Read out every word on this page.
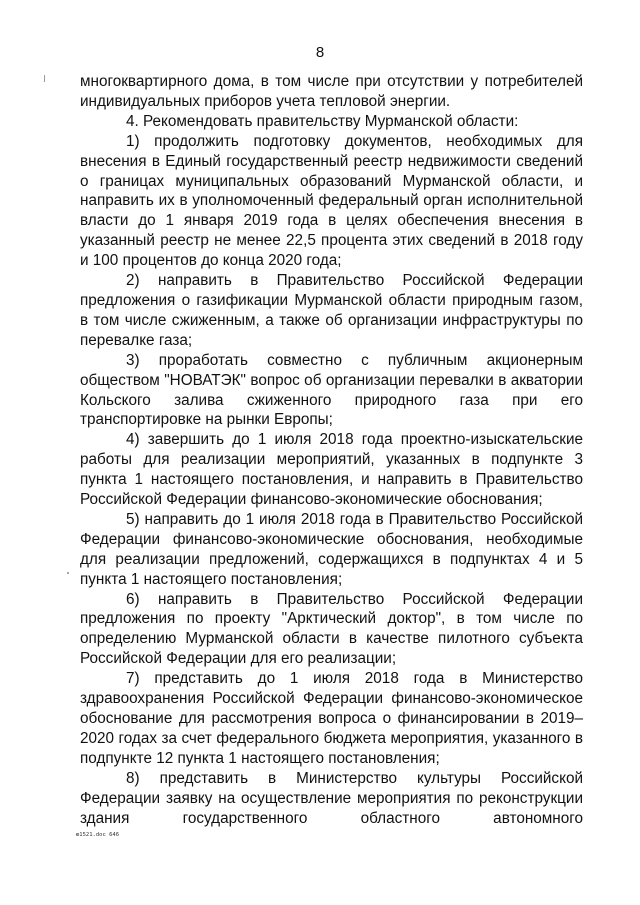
8

многоквартирного дома, в том числе при отсутствии у потребителей индивидуальных приборов учета тепловой энергии.

4. Рекомендовать правительству Мурманской области:

1) продолжить подготовку документов, необходимых для внесения в Единый государственный реестр недвижимости сведений о границах муниципальных образований Мурманской области, и направить их в уполномоченный федеральный орган исполнительной власти до 1 января 2019 года в целях обеспечения внесения в указанный реестр не менее 22,5 процента этих сведений в 2018 году и 100 процентов до конца 2020 года;

2) направить в Правительство Российской Федерации предложения о газификации Мурманской области природным газом, в том числе сжиженным, а также об организации инфраструктуры по перевалке газа;

3) проработать совместно с публичным акционерным обществом "НОВАТЭК" вопрос об организации перевалки в акватории Кольского залива сжиженного природного газа при его транспортировке на рынки Европы;

4) завершить до 1 июля 2018 года проектно-изыскательские работы для реализации мероприятий, указанных в подпункте 3 пункта 1 настоящего постановления, и направить в Правительство Российской Федерации финансово-экономические обоснования;

5) направить до 1 июля 2018 года в Правительство Российской Федерации финансово-экономические обоснования, необходимые для реализации предложений, содержащихся в подпунктах 4 и 5 пункта 1 настоящего постановления;

6) направить в Правительство Российской Федерации предложения по проекту "Арктический доктор", в том числе по определению Мурманской области в качестве пилотного субъекта Российской Федерации для его реализации;

7) представить до 1 июля 2018 года в Министерство здравоохранения Российской Федерации финансово-экономическое обоснование для рассмотрения вопроса о финансировании в 2019–2020 годах за счет федерального бюджета мероприятия, указанного в подпункте 12 пункта 1 настоящего постановления;

8) представить в Министерство культуры Российской Федерации заявку на осуществление мероприятия по реконструкции здания государственного областного автономного

ю1521.doc 646
